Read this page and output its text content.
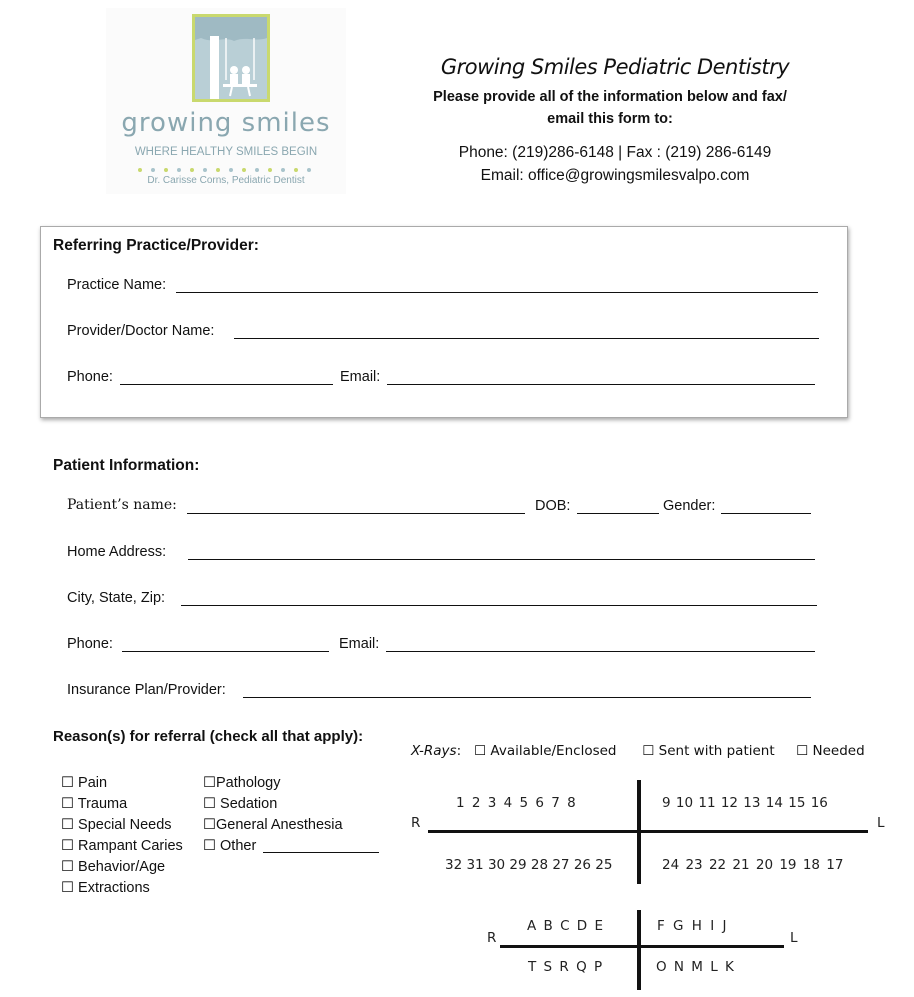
growing smiles
WHERE HEALTHY SMILES BEGIN
Dr. Carisse Corns, Pediatric Dentist
Growing Smiles Pediatric Dentistry
Please provide all of the information below and fax/
email this form to:
Phone: (219)286-6148 | Fax : (219) 286-6149
Email: office@growingsmilesvalpo.com
Referring Practice/Provider:
Practice Name:
Provider/Doctor Name:
Phone:	Email:
Patient Information:
Patient’s name:	DOB:	Gender:
Home Address:
City, State, Zip:
Phone:	Email:
Insurance Plan/Provider:
Reason(s) for referral (check all that apply):
☐ Pain
☐ Trauma
☐ Special Needs
☐ Rampant Caries
☐ Behavior/Age
☐ Extractions
☐Pathology
☐ Sedation
☐General Anesthesia
☐ Other
X-Rays: ☐ Available/Enclosed ☐ Sent with patient ☐ Needed
R	L
1 2 3 4 5 6 7 8	9 10 11 12 13 14 15 16
32 31 30 29 28 27 26 25	24 23 22 21 20 19 18 17
R	L
A B C D E	F G H I J
T S R Q P	O N M L K
